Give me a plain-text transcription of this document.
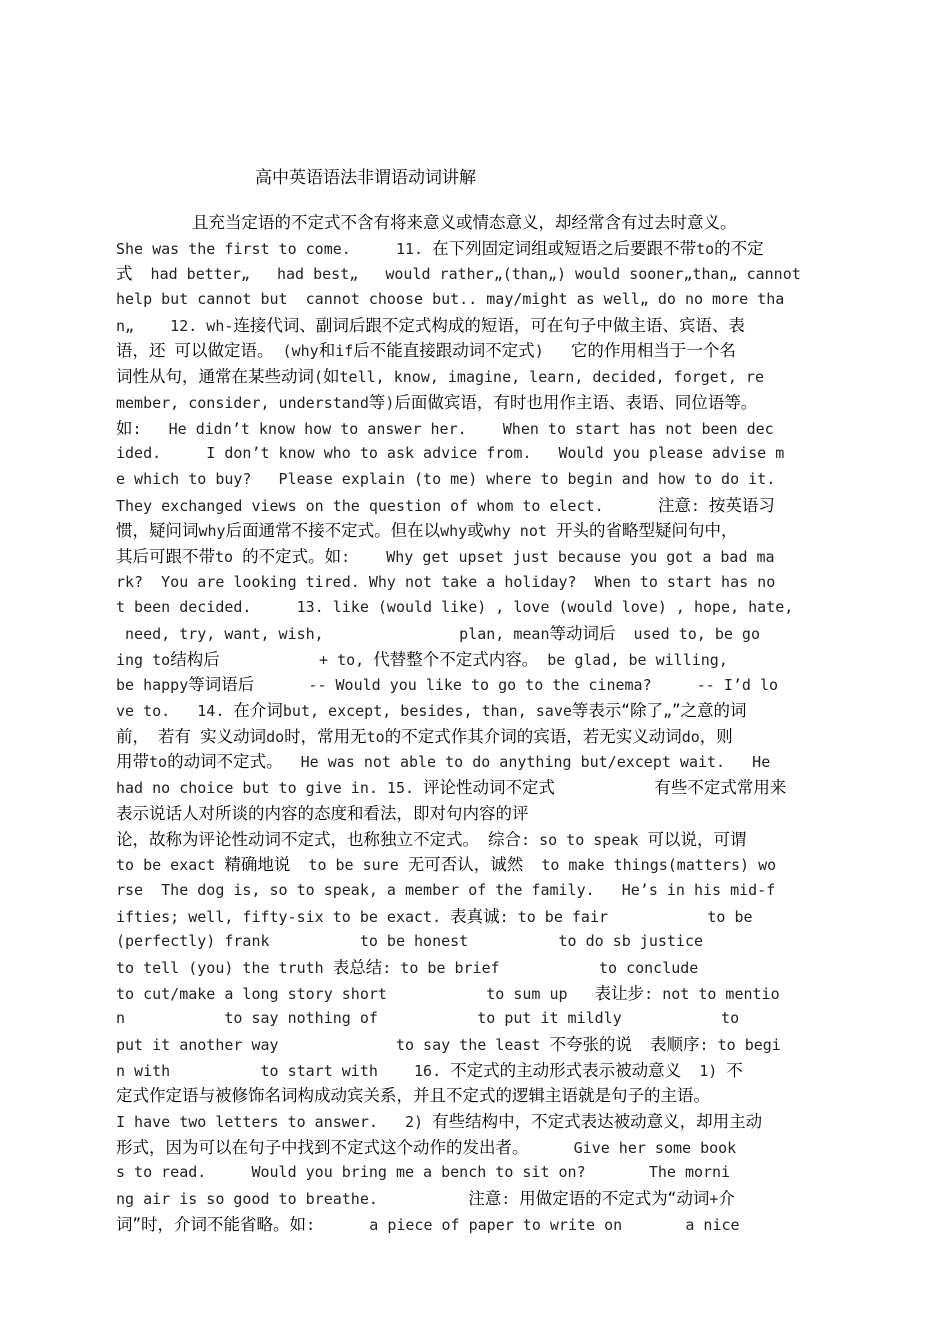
高中英语语法非谓语动词讲解
且充当定语的不定式不含有将来意义或情态意义，却经常含有过去时意义。
She was the first to come.     11. 在下列固定词组或短语之后要跟不带to的不定
式  had better„   had best„   would rather„(than„) would sooner„than„ cannot
help but cannot but  cannot choose but.. may/might as well„ do no more tha
n„    12. wh-连接代词、副词后跟不定式构成的短语，可在句子中做主语、宾语、表
语，还 可以做定语。 (why和if后不能直接跟动词不定式)   它的作用相当于一个名
词性从句，通常在某些动词(如tell, know, imagine, learn, decided, forget, re
member, consider, understand等)后面做宾语，有时也用作主语、表语、同位语等。
如:   He didn’t know how to answer her.    When to start has not been dec
ided.     I don’t know who to ask advice from.   Would you please advise m
e which to buy?   Please explain (to me) where to begin and how to do it.
They exchanged views on the question of whom to elect.      注意: 按英语习
惯，疑问词why后面通常不接不定式。但在以why或why not 开头的省略型疑问句中，
其后可跟不带to 的不定式。如:    Why get upset just because you got a bad ma
rk?  You are looking tired. Why not take a holiday?  When to start has no
t been decided.     13. like (would like) , love (would love) , hope, hate,
need, try, want, wish,               plan, mean等动词后  used to, be go
ing to结构后           + to, 代替整个不定式内容。 be glad, be willing,
be happy等词语后      -- Would you like to go to the cinema?     -- I’d lo
ve to.   14. 在介词but, except, besides, than, save等表示“除了„”之意的词
前， 若有 实义动词do时，常用无to的不定式作其介词的宾语，若无实义动词do，则
用带to的动词不定式。  He was not able to do anything but/except wait.   He
had no choice but to give in. 15. 评论性动词不定式	有些不定式常用来
表示说话人对所谈的内容的态度和看法，即对句内容的评
论，故称为评论性动词不定式，也称独立不定式。 综合: so to speak 可以说，可谓
to be exact 精确地说  to be sure 无可否认，诚然  to make things(matters) wo
rse  The dog is, so to speak, a member of the family.   He’s in his mid-f
ifties; well, fifty-six to be exact. 表真诚: to be fair           to be
(perfectly) frank          to be honest          to do sb justice
to tell (you) the truth 表总结: to be brief           to conclude
to cut/make a long story short           to sum up   表让步: not to mentio
n           to say nothing of           to put it mildly           to
put it another way             to say the least 不夸张的说 表顺序: to begi
n with          to start with    16. 不定式的主动形式表示被动意义  1) 不
定式作定语与被修饰名词构成动宾关系，并且不定式的逻辑主语就是句子的主语。
I have two letters to answer.   2) 有些结构中，不定式表达被动意义，却用主动
形式，因为可以在句子中找到不定式这个动作的发出者。     Give her some book
s to read.     Would you bring me a bench to sit on?       The morni
ng air is so good to breathe.          注意: 用做定语的不定式为“动词+介
词”时，介词不能省略。如:      a piece of paper to write on       a nice
